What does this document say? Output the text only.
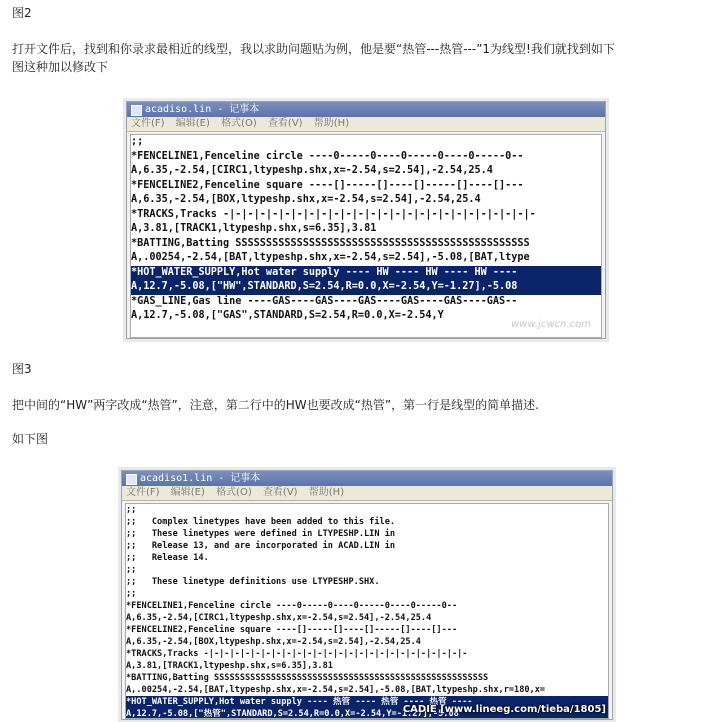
图2
打开文件后，找到和你录求最相近的线型，我以求助问题贴为例，他是要“热管---热管---”1为线型!我们就找到如下
图这种加以修改下
acadiso.lin - 记事本
文件(F) 编辑(E) 格式(O) 查看(V) 帮助(H)
;;
*FENCELINE1,Fenceline circle ----0-----0----0-----0----0-----0--
A,6.35,-2.54,[CIRC1,ltypeshp.shx,x=-2.54,s=2.54],-2.54,25.4
*FENCELINE2,Fenceline square ----[]-----[]----[]-----[]----[]---
A,6.35,-2.54,[BOX,ltypeshp.shx,x=-2.54,s=2.54],-2.54,25.4
*TRACKS,Tracks -|-|-|-|-|-|-|-|-|-|-|-|-|-|-|-|-|-|-|-|-|-|-|-|-|-
A,3.81,[TRACK1,ltypeshp.shx,s=6.35],3.81
*BATTING,Batting SSSSSSSSSSSSSSSSSSSSSSSSSSSSSSSSSSSSSSSSSSSSSSSS
A,.00254,-2.54,[BAT,ltypeshp.shx,x=-2.54,s=2.54],-5.08,[BAT,ltype
*HOT_WATER_SUPPLY,Hot water supply ---- HW ---- HW ---- HW ----
A,12.7,-5.08,["HW",STANDARD,S=2.54,R=0.0,X=-2.54,Y=-1.27],-5.08
*GAS_LINE,Gas line ----GAS----GAS----GAS----GAS----GAS----GAS--
A,12.7,-5.08,["GAS",STANDARD,S=2.54,R=0.0,X=-2.54,Y
www.jcwcn.com
图3
把中间的“HW”两字改成“热管”，注意，第二行中的HW也要改成“热管”，第一行是线型的简单描述.
如下图
acadiso1.lin - 记事本
文件(F) 编辑(E) 格式(O) 查看(V) 帮助(H)
;;
;;   Complex linetypes have been added to this file.
;;   These linetypes were defined in LTYPESHP.LIN in
;;   Release 13, and are incorporated in ACAD.LIN in
;;   Release 14.
;;
;;   These linetype definitions use LTYPESHP.SHX.
;;
*FENCELINE1,Fenceline circle ----0-----0----0-----0----0-----0--
A,6.35,-2.54,[CIRC1,ltypeshp.shx,x=-2.54,s=2.54],-2.54,25.4
*FENCELINE2,Fenceline square ----[]-----[]----[]-----[]----[]---
A,6.35,-2.54,[BOX,ltypeshp.shx,x=-2.54,s=2.54],-2.54,25.4
*TRACKS,Tracks -|-|-|-|-|-|-|-|-|-|-|-|-|-|-|-|-|-|-|-|-|-|-|-|-|-
A,3.81,[TRACK1,ltypeshp.shx,s=6.35],3.81
*BATTING,Batting SSSSSSSSSSSSSSSSSSSSSSSSSSSSSSSSSSSSSSSSSSSSSSSSSSSSS
A,.00254,-2.54,[BAT,ltypeshp.shx,x=-2.54,s=2.54],-5.08,[BAT,ltypeshp.shx,r=180,x=
*HOT_WATER_SUPPLY,Hot water supply ---- 热管 ---- 热管 ---- 热管 ----
A,12.7,-5.08,["热管",STANDARD,S=2.54,R=0.0,X=-2.54,Y=-1.27],-5.08
CADIE [www.lineeg.com/tieba/1805]
